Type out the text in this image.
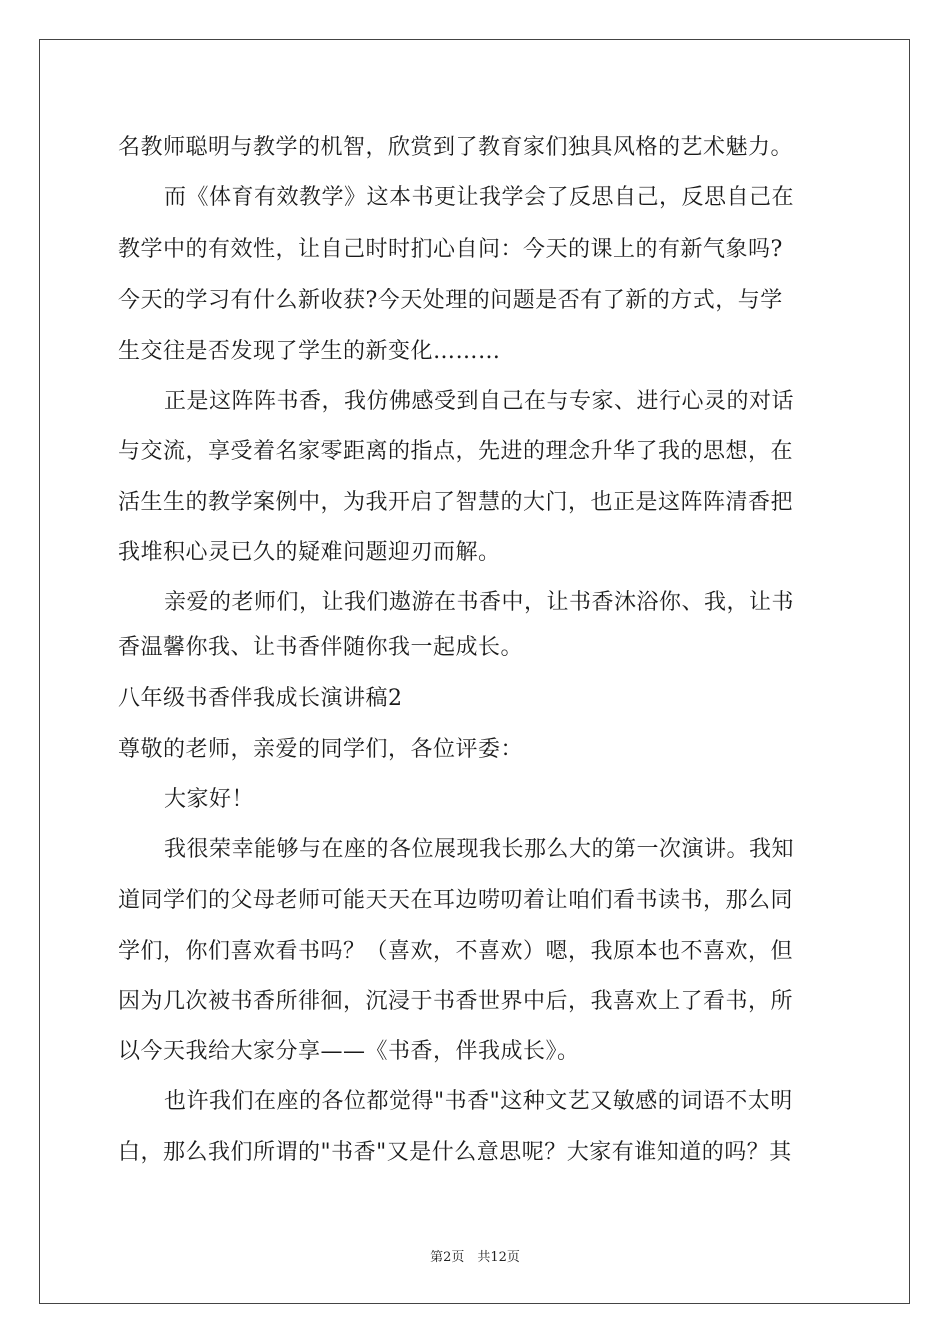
名教师聪明与教学的机智，欣赏到了教育家们独具风格的艺术魅力。
而《体育有效教学》这本书更让我学会了反思自己，反思自己在
教学中的有效性，让自己时时扪心自问：今天的课上的有新气象吗?
今天的学习有什么新收获?今天处理的问题是否有了新的方式，与学
生交往是否发现了学生的新变化………
正是这阵阵书香，我仿佛感受到自己在与专家、进行心灵的对话
与交流，享受着名家零距离的指点，先进的理念升华了我的思想，在
活生生的教学案例中，为我开启了智慧的大门，也正是这阵阵清香把
我堆积心灵已久的疑难问题迎刃而解。
亲爱的老师们，让我们遨游在书香中，让书香沐浴你、我，让书
香温馨你我、让书香伴随你我一起成长。
八年级书香伴我成长演讲稿2
尊敬的老师，亲爱的同学们，各位评委：
大家好！
我很荣幸能够与在座的各位展现我长那么大的第一次演讲。我知
道同学们的父母老师可能天天在耳边唠叨着让咱们看书读书，那么同
学们，你们喜欢看书吗？（喜欢，不喜欢）嗯，我原本也不喜欢，但
因为几次被书香所徘徊，沉浸于书香世界中后，我喜欢上了看书，所
以今天我给大家分享——《书香，伴我成长》。
也许我们在座的各位都觉得"书香"这种文艺又敏感的词语不太明
白，那么我们所谓的"书香"又是什么意思呢？大家有谁知道的吗？其
第2页　共12页
